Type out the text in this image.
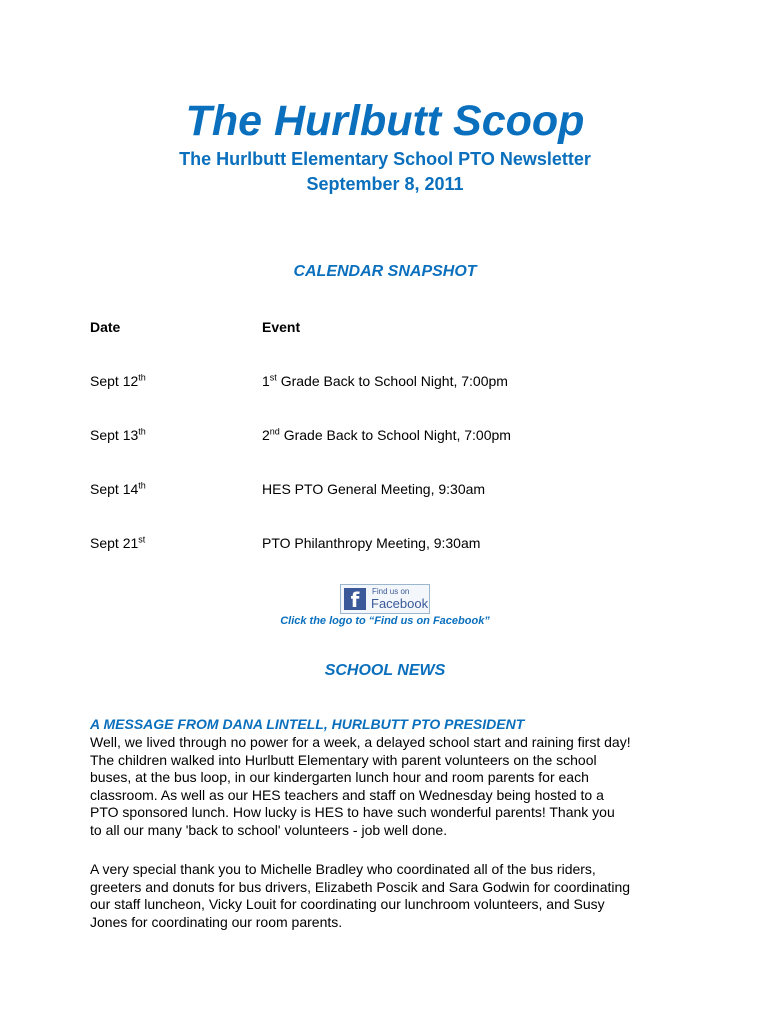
The Hurlbutt Scoop
The Hurlbutt Elementary School PTO Newsletter
September 8, 2011
CALENDAR SNAPSHOT
Date	Event
Sept 12th	1st Grade Back to School Night, 7:00pm
Sept 13th	2nd Grade Back to School Night, 7:00pm
Sept 14th	HES PTO General Meeting, 9:30am
Sept 21st	PTO Philanthropy Meeting, 9:30am
f	Find us on
Facebook
Click the logo to “Find us on Facebook”
SCHOOL NEWS
A MESSAGE FROM DANA LINTELL, HURLBUTT PTO PRESIDENT
Well, we lived through no power for a week, a delayed school start and raining first day!
The children walked into Hurlbutt Elementary with parent volunteers on the school
buses, at the bus loop, in our kindergarten lunch hour and room parents for each
classroom. As well as our HES teachers and staff on Wednesday being hosted to a
PTO sponsored lunch. How lucky is HES to have such wonderful parents! Thank you
to all our many 'back to school' volunteers - job well done.
A very special thank you to Michelle Bradley who coordinated all of the bus riders,
greeters and donuts for bus drivers, Elizabeth Poscik and Sara Godwin for coordinating
our staff luncheon, Vicky Louit for coordinating our lunchroom volunteers, and Susy
Jones for coordinating our room parents.
